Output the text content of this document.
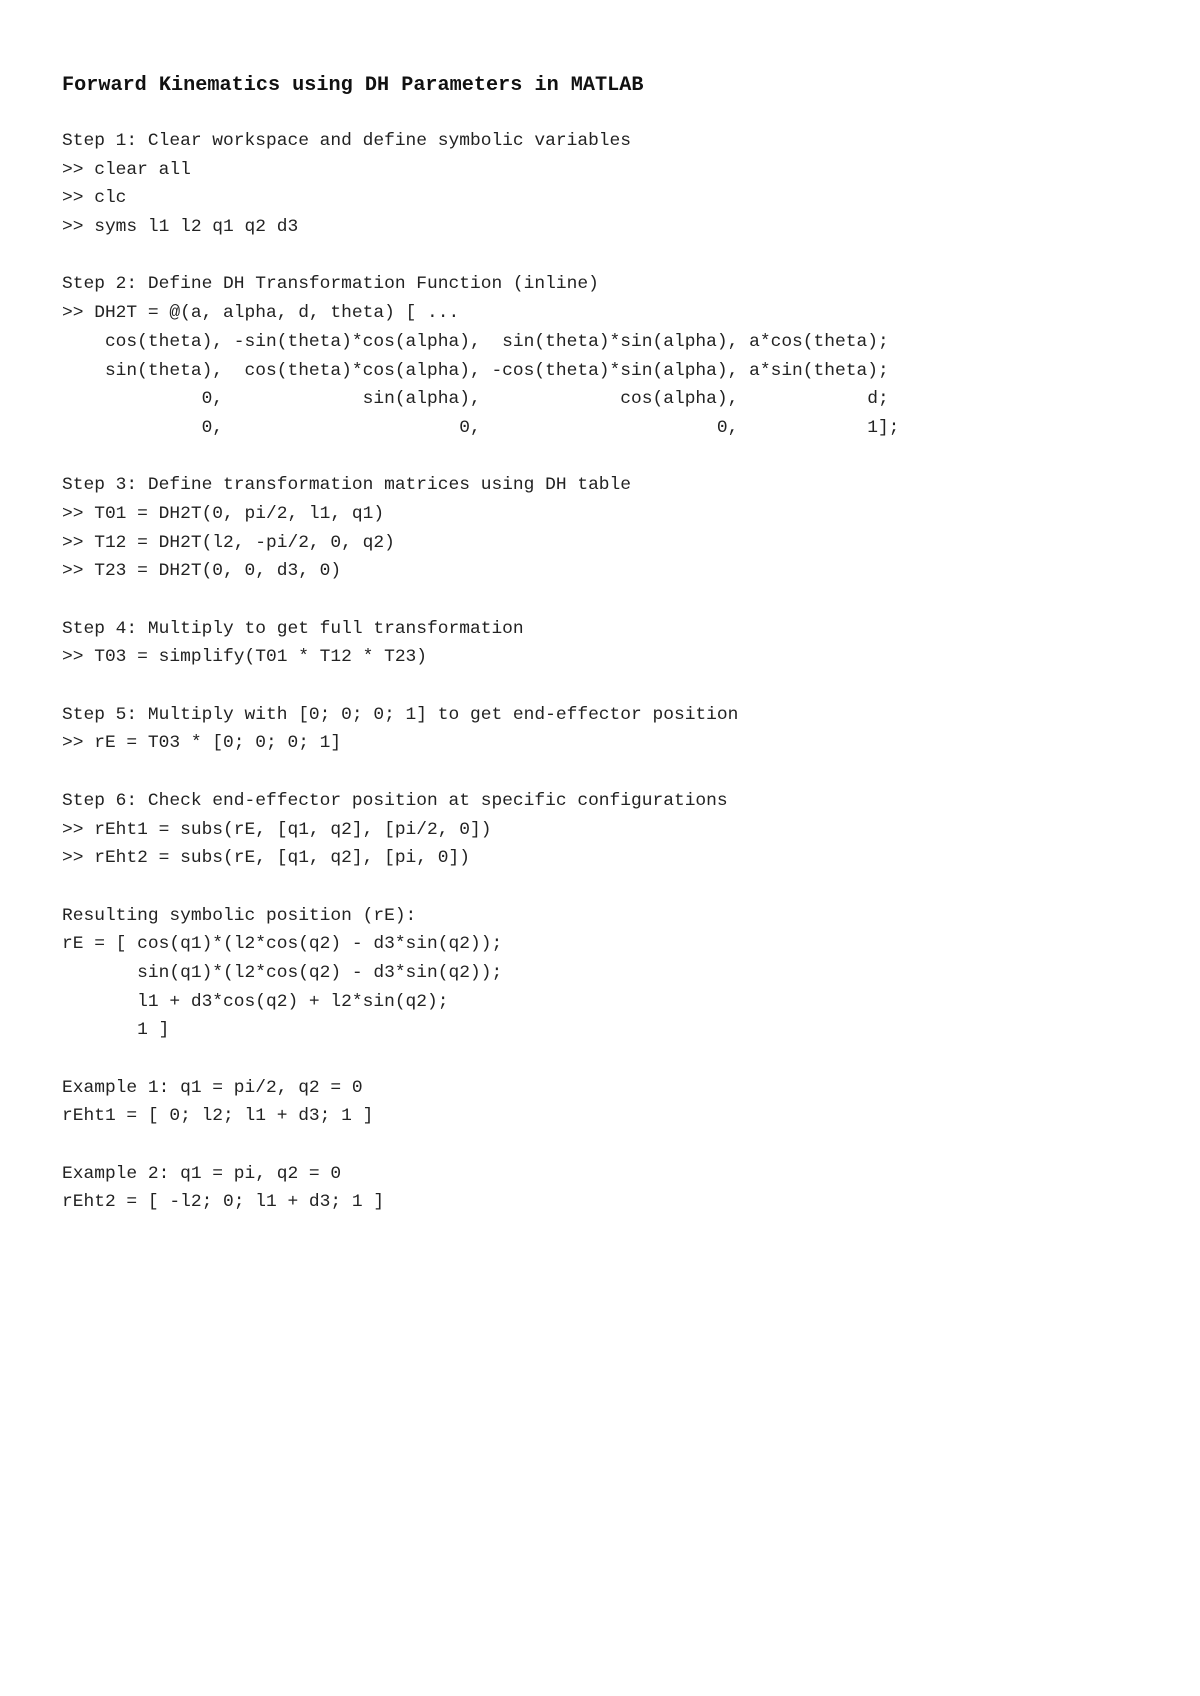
Forward Kinematics using DH Parameters in MATLAB
Step 1: Clear workspace and define symbolic variables
>> clear all
>> clc
>> syms l1 l2 q1 q2 d3
Step 2: Define DH Transformation Function (inline)
>> DH2T = @(a, alpha, d, theta) [ ...
cos(theta), -sin(theta)*cos(alpha),  sin(theta)*sin(alpha), a*cos(theta);
sin(theta),  cos(theta)*cos(alpha), -cos(theta)*sin(alpha), a*sin(theta);
0,             sin(alpha),             cos(alpha),            d;
0,                      0,                      0,            1];
Step 3: Define transformation matrices using DH table
>> T01 = DH2T(0, pi/2, l1, q1)
>> T12 = DH2T(l2, -pi/2, 0, q2)
>> T23 = DH2T(0, 0, d3, 0)
Step 4: Multiply to get full transformation
>> T03 = simplify(T01 * T12 * T23)
Step 5: Multiply with [0; 0; 0; 1] to get end-effector position
>> rE = T03 * [0; 0; 0; 1]
Step 6: Check end-effector position at specific configurations
>> rEht1 = subs(rE, [q1, q2], [pi/2, 0])
>> rEht2 = subs(rE, [q1, q2], [pi, 0])
Resulting symbolic position (rE):
rE = [ cos(q1)*(l2*cos(q2) - d3*sin(q2));
sin(q1)*(l2*cos(q2) - d3*sin(q2));
l1 + d3*cos(q2) + l2*sin(q2);
1 ]
Example 1: q1 = pi/2, q2 = 0
rEht1 = [ 0; l2; l1 + d3; 1 ]
Example 2: q1 = pi, q2 = 0
rEht2 = [ -l2; 0; l1 + d3; 1 ]
